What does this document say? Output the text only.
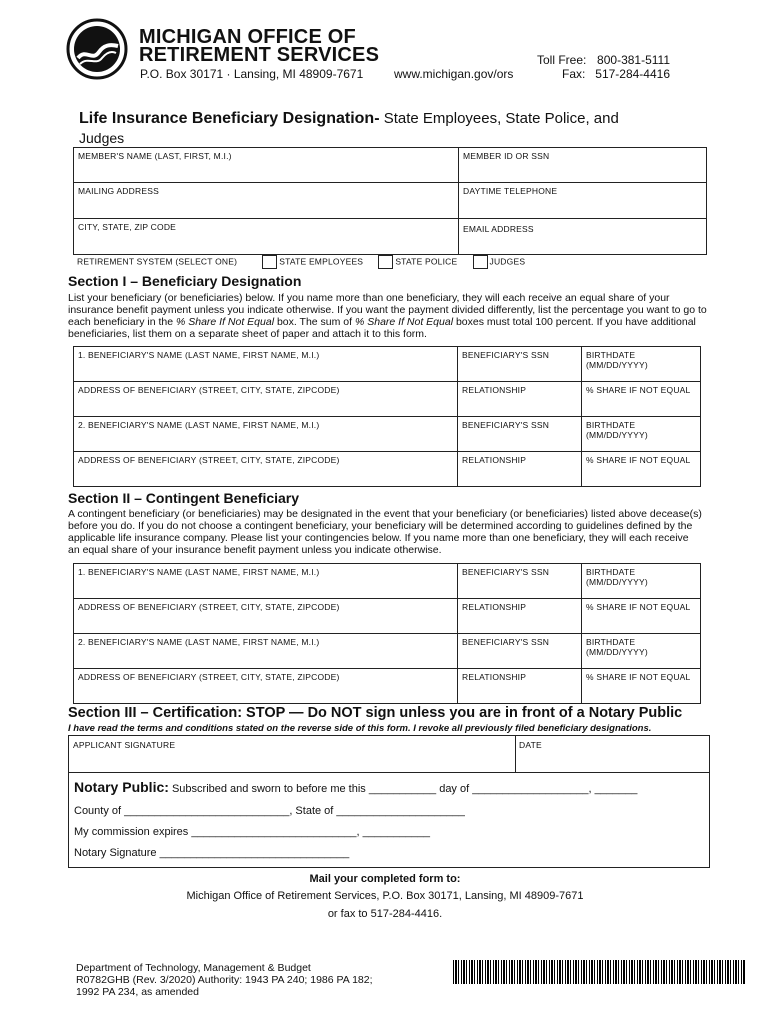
MICHIGAN OFFICE OF
RETIREMENT SERVICES
P.O. Box 30171 · Lansing, MI 48909-7671	www.michigan.gov/ors
Toll Free: 800-381-5111
Fax: 517-284-4416
Life Insurance Beneficiary Designation- State Employees, State Police, and
Judges
MEMBER'S NAME (LAST, FIRST, M.I.)	MEMBER ID OR SSN
MAILING ADDRESS	DAYTIME TELEPHONE
CITY, STATE, ZIP CODE	EMAIL ADDRESS
RETIREMENT SYSTEM (SELECT ONE)	STATE EMPLOYEES	STATE POLICE	JUDGES
Section I – Beneficiary Designation
List your beneficiary (or beneficiaries) below. If you name more than one beneficiary, they will each receive an equal share of your insurance benefit payment unless you indicate otherwise. If you want the payment divided differently, list the percentage you want to go to each beneficiary in the % Share If Not Equal box. The sum of % Share If Not Equal boxes must total 100 percent. If you have additional beneficiaries, list them on a separate sheet of paper and attach it to this form.
1. BENEFICIARY'S NAME (LAST NAME, FIRST NAME, M.I.)	BENEFICIARY'S SSN	BIRTHDATE (MM/DD/YYYY)
ADDRESS OF BENEFICIARY (STREET, CITY, STATE, ZIPCODE)	RELATIONSHIP	% SHARE IF NOT EQUAL
2. BENEFICIARY'S NAME (LAST NAME, FIRST NAME, M.I.)	BENEFICIARY'S SSN	BIRTHDATE (MM/DD/YYYY)
ADDRESS OF BENEFICIARY (STREET, CITY, STATE, ZIPCODE)	RELATIONSHIP	% SHARE IF NOT EQUAL
Section II – Contingent Beneficiary
A contingent beneficiary (or beneficiaries) may be designated in the event that your beneficiary (or beneficiaries) listed above decease(s) before you do. If you do not choose a contingent beneficiary, your beneficiary will be determined according to guidelines defined by the applicable life insurance company. Please list your contingencies below. If you name more than one beneficiary, they will each receive an equal share of your insurance benefit payment unless you indicate otherwise.
1. BENEFICIARY'S NAME (LAST NAME, FIRST NAME, M.I.)	BENEFICIARY'S SSN	BIRTHDATE (MM/DD/YYYY)
ADDRESS OF BENEFICIARY (STREET, CITY, STATE, ZIPCODE)	RELATIONSHIP	% SHARE IF NOT EQUAL
2. BENEFICIARY'S NAME (LAST NAME, FIRST NAME, M.I.)	BENEFICIARY'S SSN	BIRTHDATE (MM/DD/YYYY)
ADDRESS OF BENEFICIARY (STREET, CITY, STATE, ZIPCODE)	RELATIONSHIP	% SHARE IF NOT EQUAL
Section III – Certification: STOP — Do NOT sign unless you are in front of a Notary Public
I have read the terms and conditions stated on the reverse side of this form. I revoke all previously filed beneficiary designations.
APPLICANT SIGNATURE	DATE
Notary Public: Subscribed and sworn to before me this ___________ day of ___________________, _______
County of ___________________________, State of _____________________
My commission expires ___________________________, ___________
Notary Signature _______________________________
Mail your completed form to:
Michigan Office of Retirement Services, P.O. Box 30171, Lansing, MI 48909-7671
or fax to 517-284-4416.
Department of Technology, Management & Budget
R0782GHB (Rev. 3/2020) Authority: 1943 PA 240; 1986 PA 182;
1992 PA 234, as amended
